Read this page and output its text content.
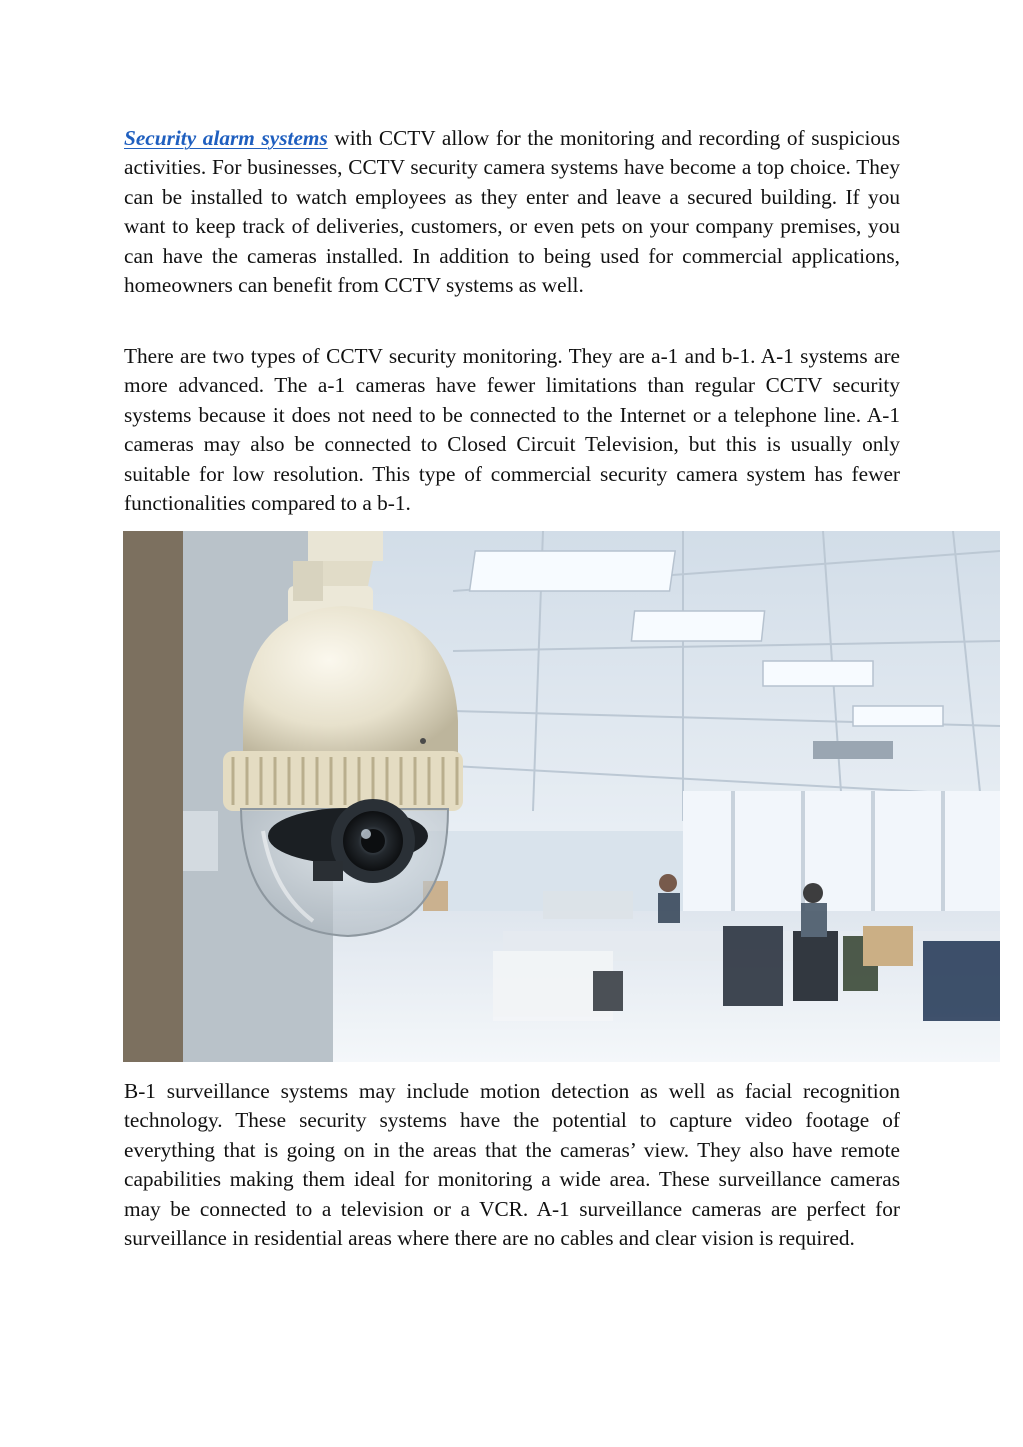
Security alarm systems with CCTV allow for the monitoring and recording of suspicious activities. For businesses, CCTV security camera systems have become a top choice. They can be installed to watch employees as they enter and leave a secured building. If you want to keep track of deliveries, customers, or even pets on your company premises, you can have the cameras installed. In addition to being used for commercial applications, homeowners can benefit from CCTV systems as well.

There are two types of CCTV security monitoring. They are a-1 and b-1. A-1 systems are more advanced. The a-1 cameras have fewer limitations than regular CCTV security systems because it does not need to be connected to the Internet or a telephone line. A-1 cameras may also be connected to Closed Circuit Television, but this is usually only suitable for low resolution. This type of commercial security camera system has fewer functionalities compared to a b-1.

B-1 surveillance systems may include motion detection as well as facial recognition technology. These security systems have the potential to capture video footage of everything that is going on in the areas that the cameras’ view. They also have remote capabilities making them ideal for monitoring a wide area. These surveillance cameras may be connected to a television or a VCR. A-1 surveillance cameras are perfect for surveillance in residential areas where there are no cables and clear vision is required.
